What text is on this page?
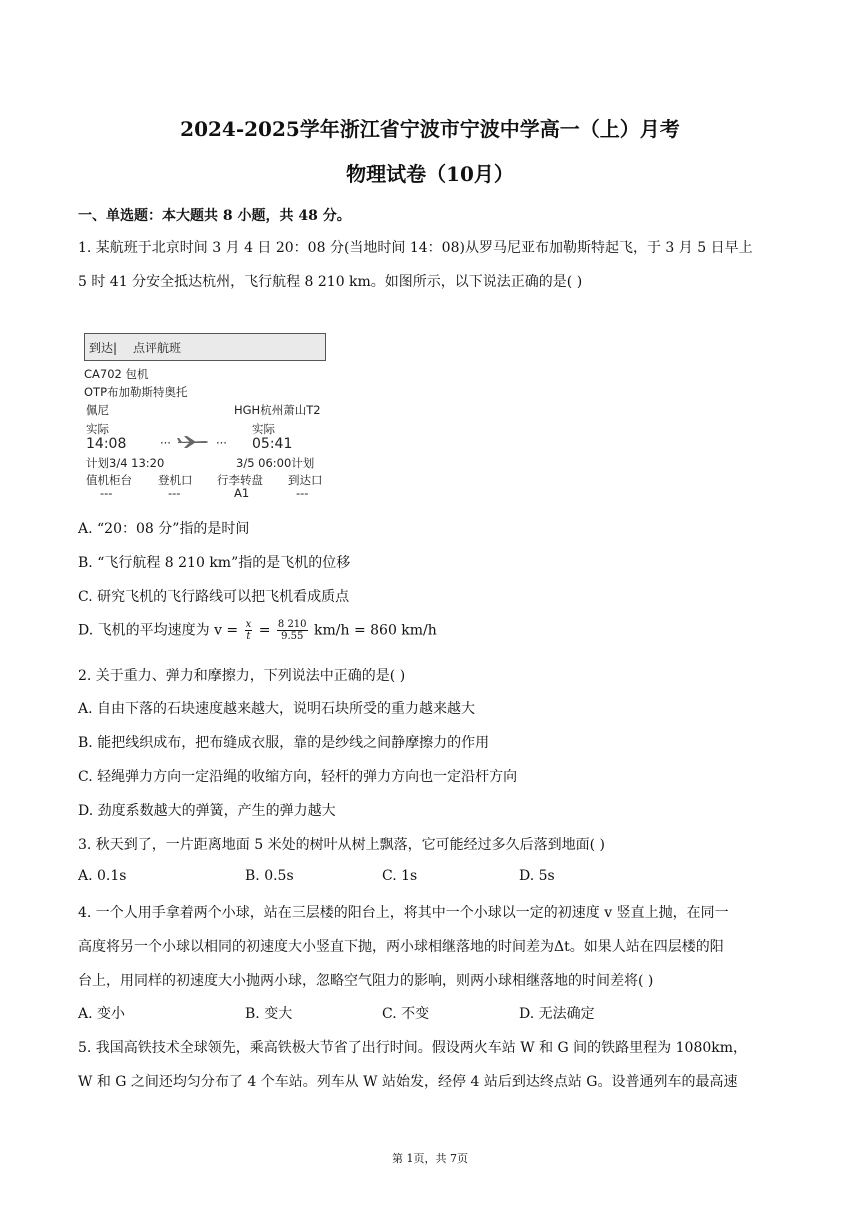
2024-2025学年浙江省宁波市宁波中学高一（上）月考
物理试卷（10月）
一、单选题：本大题共 8 小题，共 48 分。
1. 某航班于北京时间 3 月 4 日 20：08 分(当地时间 14：08)从罗马尼亚布加勒斯特起飞，于 3 月 5 日早上
5 时 41 分安全抵达杭州，飞行航程 8 210 km。如图所示，以下说法正确的是( )
到达| 点评航班
CA702 包机
OTP布加勒斯特奥托
佩尼	HGH杭州萧山T2
实际	实际
14:08	···	··· 05:41
计划3/4 13:20	3/5 06:00计划
值机柜台 登机口 行李转盘 到达口
---	---	A1	---
A. “20：08 分”指的是时间
B. “飞行航程 8 210 km”指的是飞机的位移
C. 研究飞机的飞行路线可以把飞机看成质点
D. 飞机的平均速度为 $v = \frac{x}{t} = \frac{8 210}{9.55} km/h = 860$ km/h
2. 关于重力、弹力和摩擦力，下列说法中正确的是( )
A. 自由下落的石块速度越来越大，说明石块所受的重力越来越大
B. 能把线织成布，把布缝成衣服，靠的是纱线之间静摩擦力的作用
C. 轻绳弹力方向一定沿绳的收缩方向，轻杆的弹力方向也一定沿杆方向
D. 劲度系数越大的弹簧，产生的弹力越大
3. 秋天到了，一片距离地面 5 米处的树叶从树上飘落，它可能经过多久后落到地面( )
A. 0.1s	B. 0.5s	C. 1s	D. 5s
4. 一个人用手拿着两个小球，站在三层楼的阳台上，将其中一个小球以一定的初速度 v 竖直上抛，在同一
高度将另一个小球以相同的初速度大小竖直下抛，两小球相继落地的时间差为Δt。如果人站在四层楼的阳
台上，用同样的初速度大小抛两小球，忽略空气阻力的影响，则两小球相继落地的时间差将( )
A. 变小	B. 变大	C. 不变	D. 无法确定
5. 我国高铁技术全球领先，乘高铁极大节省了出行时间。假设两火车站 W 和 G 间的铁路里程为 1080km，
W 和 G 之间还均匀分布了 4 个车站。列车从 W 站始发，经停 4 站后到达终点站 G。设普通列车的最高速
第 1页，共 7页
